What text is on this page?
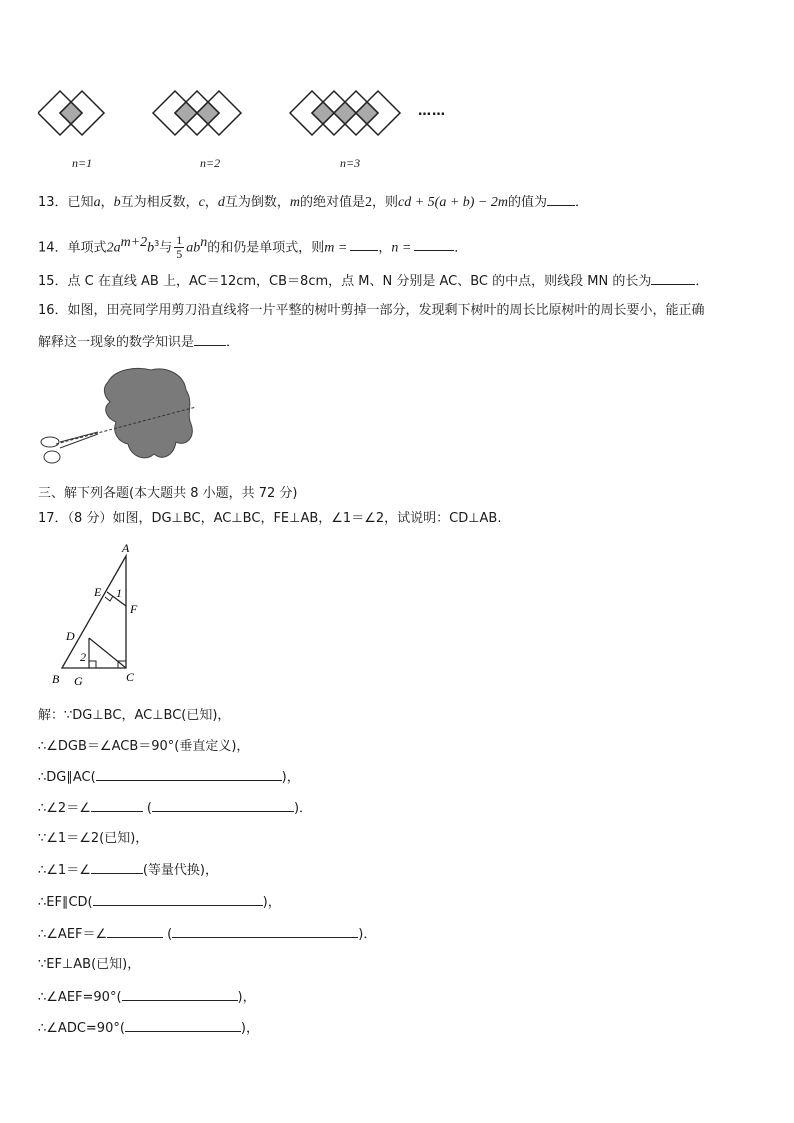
……
n=1	n=2	n=3
13．已知a，b互为相反数，c，d互为倒数，m的绝对值是2，则cd + 5(a + b) − 2m的值为 ．
14．单项式$2a^{m+2}b^3$与 $\frac{1}{5} ab^n$的和仍是单项式，则m = ，n =	．
15．点 C 在直线 AB 上，AC＝12cm，CB＝8cm，点 M、N 分别是 AC、BC 的中点，则线段 MN 的长为	．
16．如图，田亮同学用剪刀沿直线将一片平整的树叶剪掉一部分，发现剩下树叶的周长比原树叶的周长要小，能正确
解释这一现象的数学知识是 ．
三、解下列各题(本大题共 8 小题，共 72 分)
17．（8 分）如图，DG⊥BC，AC⊥BC，FE⊥AB，∠1＝∠2，试说明：CD⊥AB.
A
E 1
F
D
2
B G	C
解：∵DG⊥BC，AC⊥BC(已知)，
∴∠DGB＝∠ACB＝90°(垂直定义)，
∴DG∥AC(	)，
∴∠2＝∠	(	)．
∵∠1＝∠2(已知)，
∴∠1＝∠	(等量代换)，
∴EF∥CD(	)，
∴∠AEF＝∠	(	)．
∵EF⊥AB(已知)，
∴∠AEF=90°(	)，
∴∠ADC=90°(	)，
